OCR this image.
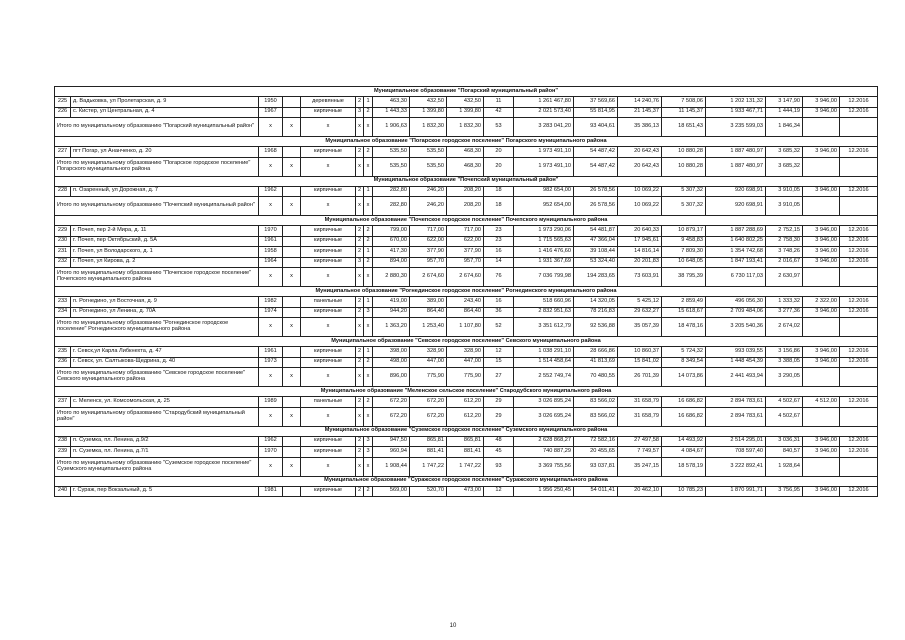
Муниципальное образование "Погарский муниципальный район"																		
225	д. Вадьковка, ул Пролетарская, д. 9	1950		деревянные	2	1	463,30	432,50	432,50	11	1 261 467,80	37 569,66	14 240,76	7 508,06	1 202 131,32	3 147,90	3 946,00	12.2016
226	с. Кистер, ул Центральная, д. 4	1967		кирпичные	3	2	1 443,33	1 399,80	1 399,80	42	2 021 573,40	55 814,95	21 145,37	11 145,37	1 933 467,71	1 444,19	3 946,00	12.2016
Итого по муниципальному образованию "Погарский муниципальный район"		x	x	x	x	x	1 906,63	1 832,30	1 832,30	53	3 283 041,20	93 404,61	35 386,13	18 651,43	3 235 599,03	1 846,34		
Муниципальное образование "Погарское городское поселение" Погарского муниципального района																		
227	пгт Погар, ул Ананченко, д. 20	1968		кирпичные	2	2	535,50	535,50	468,30	20	1 973 491,10	54 487,42	20 642,43	10 880,28	1 887 480,97	3 685,32	3 946,00	12.2016
Итого по муниципальному образованию "Погарское городское поселение" Погарского муниципального района		x	x	x	x	x	535,50	535,50	468,30	20	1 973 491,10	54 487,42	20 642,43	10 880,28	1 887 480,97	3 685,32		
Муниципальное образование "Почепский муниципальный район"																		
228	п. Озаренный, ул Дорожная, д. 7	1962		кирпичные	2	1	282,80	246,20	208,20	18	982 654,00	26 578,56	10 069,22	5 307,32	920 698,91	3 910,05	3 946,00	12.2016
Итого по муниципальному образованию "Почепский муниципальный район"		x	x	x	x	x	282,80	246,20	208,20	18	952 654,00	26 578,56	10 069,22	5 307,32	920 698,91	3 910,05		
Муниципальное образование "Почепское городское поселение" Почепского муниципального района																		
229	г. Почеп, пер 2-й Мира, д. 11	1970		кирпичные	2	2	799,00	717,00	717,00	23	1 973 290,06	54 481,87	20 640,33	10 879,17	1 887 288,69	2 752,15	3 946,00	12.2016
230	г. Почеп, пер Октябрьский, д. 5А	1961		кирпичные	2	2	670,00	622,00	622,00	23	1 715 565,63	47 366,04	17 945,61	9 458,83	1 640 802,25	2 758,30	3 946,00	12.2016
231	г. Почеп, ул Володарского, д. 1	1958		кирпичные	2	1	417,30	377,90	377,90	16	1 416 476,60	39 108,44	14 816,14	7 809,30	1 354 742,68	3 748,26	3 946,00	12.2016
232	г. Почеп, ул Кирова, д. 2	1964		кирпичные	3	2	894,00	957,70	957,70	14	1 931 367,69	53 324,40	20 201,83	10 648,05	1 847 193,41	2 016,67	3 946,00	12.2016
Итого по муниципальному образованию "Почепское городское поселение" Почепского муниципального района		x	x	x	x	x	2 880,30	2 674,60	2 674,60	76	7 036 799,98	194 283,65	73 603,91	38 795,39	6 730 117,03	2 630,97		
Муниципальное образование "Рогнединское городское поселение" Рогнединского муниципального района																		
233	п. Рогнедино, ул Восточная, д. 9	1982		панельные	2	1	419,00	389,00	243,40	16	518 660,96	14 320,05	5 425,12	2 859,49	496 056,30	1 333,32	2 322,00	12.2016
234	п. Рогнедино, ул Ленина, д. 70А	1974		кирпичные	2	3	944,20	864,40	864,40	36	2 832 951,63	78 216,83	29 632,27	15 618,67	2 709 484,06	3 277,36	3 946,00	12.2016
Итого по муниципальному образованию "Рогнединское городское поселение" Рогнединского муниципального района		x	x	x	x	x	1 363,20	1 253,40	1 107,80	52	3 351 612,79	92 536,88	35 057,39	18 478,16	3 205 540,36	2 674,02		
Муниципальное образование "Севское городское поселение" Севского муниципального района																		
235	г. Севск,ул Карла Либкнехта, д. 47	1961		кирпичные	2	1	398,00	328,90	328,90	12	1 038 291,10	28 666,86	10 860,37	5 724,32	993 039,55	3 156,86	3 946,00	12.2016
236	г. Севск, ул. Салтыкова-Щедрина, д. 40	1973		кирпичные	2	2	498,00	447,00	447,00	15	1 514 458,64	41 813,69	15 841,02	8 349,54	1 448 454,39	3 388,05	3 946,00	12.2016
Итого по муниципальному образованию "Севское городское поселение" Севского муниципального района		x	x	x	x	x	896,00	775,90	775,90	27	2 552 749,74	70 480,55	26 701,39	14 073,86	2 441 493,94	3 290,05		
Муниципальное образование "Меленское сельское поселение" Стародубского муниципального района																		
237	с. Меленск, ул. Комсомольская, д. 25	1989		панельные	2	2	672,20	672,20	612,20	29	3 026 895,24	83 566,02	31 658,79	16 686,82	2 894 783,61	4 502,67	4 512,00	12.2016
Итого по муниципальному образованию "Стародубский муниципальный район"		x	x	x	x	x	672,20	672,20	612,20	29	3 026 695,24	83 566,02	31 658,79	16 686,82	2 894 783,61	4 502,67		
Муниципальное образование "Суземское городское поселение" Суземского муниципального района																		
238	п. Суземка, пл. Ленина, д.9/2	1962		кирпичные	2	3	947,50	865,81	865,81	48	2 628 868,27	72 582,16	27 497,58	14 493,92	2 514 295,01	3 036,31	3 946,00	12.2016
239	п. Суземка, пл. Ленина, д.7/1	1970		кирпичные	2	3	960,94	881,41	881,41	45	740 887,29	20 455,65	7 749,57	4 084,67	708 597,40	840,57	3 946,00	12.2016
Итого по муниципальному образованию "Суземское городское поселение" Суземского муниципального района		x	x	x	x	x	1 908,44	1 747,22	1 747,22	93	3 369 755,56	93 037,81	35 247,15	18 578,19	3 222 892,41	1 928,64		
Муниципальное образование "Суражское городское поселение" Суражского муниципального района																		
240	г. Сураж, пер Вокзальный, д. 5	1981		кирпичные	2	2	569,00	520,70	473,00	12	1 956 250,45	54 011,41	20 462,10	10 785,23	1 870 991,71	3 756,95	3 946,00	12.2016
10
